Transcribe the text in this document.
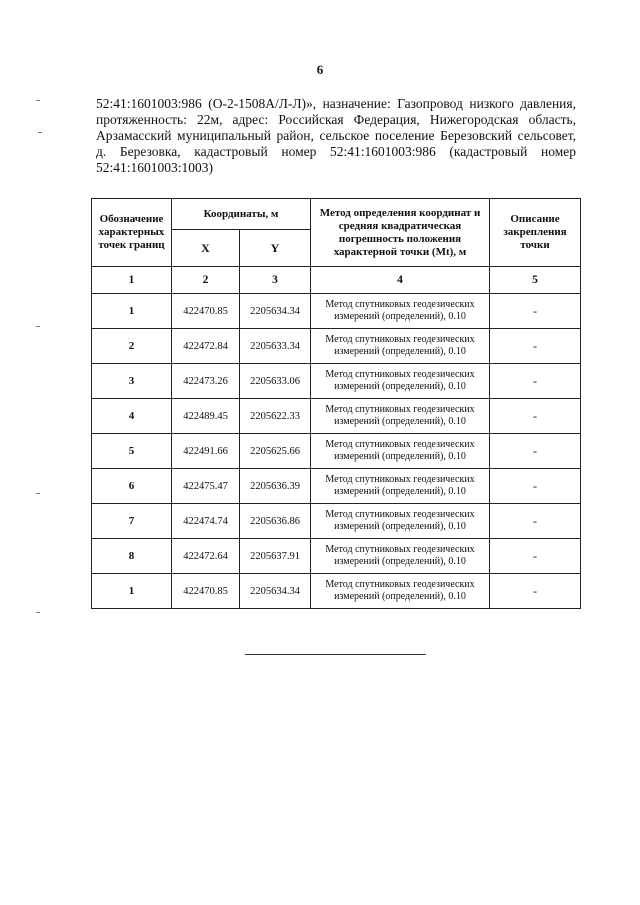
6

52:41:1601003:986 (О-2-1508А/Л-Л)», назначение: Газопровод низкого давления, протяженность: 22м, адрес: Российская Федерация, Нижегородская область, Арзамасский муниципальный район, сельское поселение Березовский сельсовет, д. Березовка, кадастровый номер 52:41:1601003:986 (кадастровый номер 52:41:1601003:1003)

Обозначение характерных точек границ	Координаты, м		Метод определения координат и средняя квадратическая погрешность положения характерной точки (Mt), м	Описание закрепления точки
	X	Y		
1	2	3	4	5
1	422470.85	2205634.34	Метод спутниковых геодезических измерений (определений), 0.10	-
2	422472.84	2205633.34	Метод спутниковых геодезических измерений (определений), 0.10	-
3	422473.26	2205633.06	Метод спутниковых геодезических измерений (определений), 0.10	-
4	422489.45	2205622.33	Метод спутниковых геодезических измерений (определений), 0.10	-
5	422491.66	2205625.66	Метод спутниковых геодезических измерений (определений), 0.10	-
6	422475.47	2205636.39	Метод спутниковых геодезических измерений (определений), 0.10	-
7	422474.74	2205636.86	Метод спутниковых геодезических измерений (определений), 0.10	-
8	422472.64	2205637.91	Метод спутниковых геодезических измерений (определений), 0.10	-
1	422470.85	2205634.34	Метод спутниковых геодезических измерений (определений), 0.10	-
